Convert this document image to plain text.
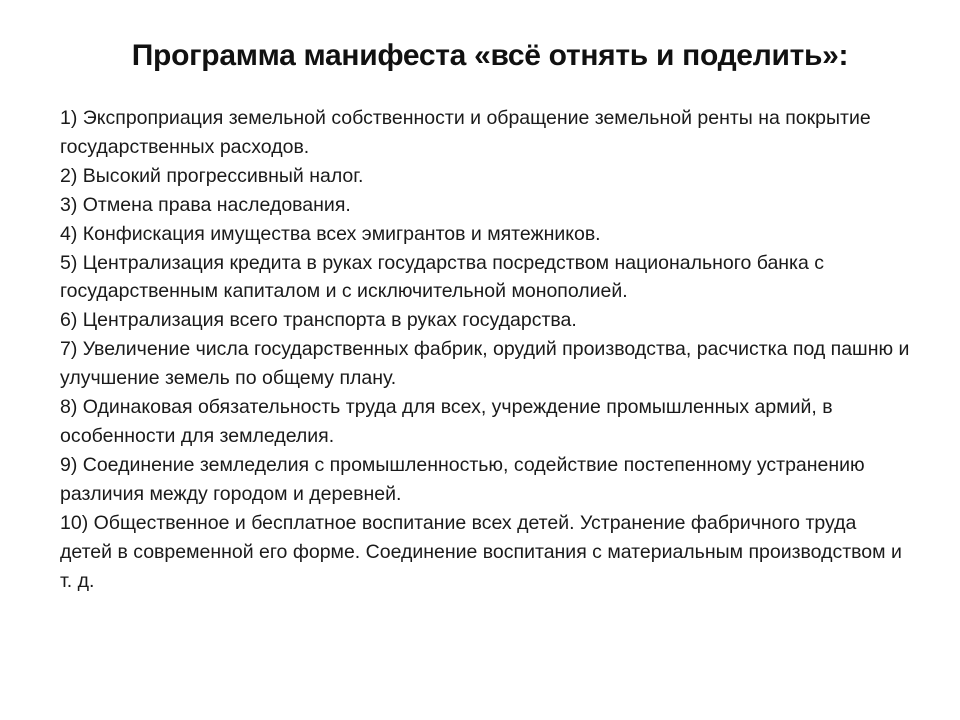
Программа манифеста «всё отнять и поделить»:

1) Экспроприация земельной собственности и обращение земельной ренты на покрытие государственных расходов.

2) Высокий прогрессивный налог.

3) Отмена права наследования.

4) Конфискация имущества всех эмигрантов и мятежников.

5) Централизация кредита в руках государства посредством национального банка с государственным капиталом и с исключительной монополией.

6) Централизация всего транспорта в руках государства.

7) Увеличение числа государственных фабрик, орудий производства, расчистка под пашню и улучшение земель по общему плану.

8) Одинаковая обязательность труда для всех, учреждение промышленных армий, в особенности для земледелия.

9) Соединение земледелия с промышленностью, содействие постепенному устранению различия между городом и деревней.

10) Общественное и бесплатное воспитание всех детей. Устранение фабричного труда детей в современной его форме. Соединение воспитания с материальным производством и т. д.
